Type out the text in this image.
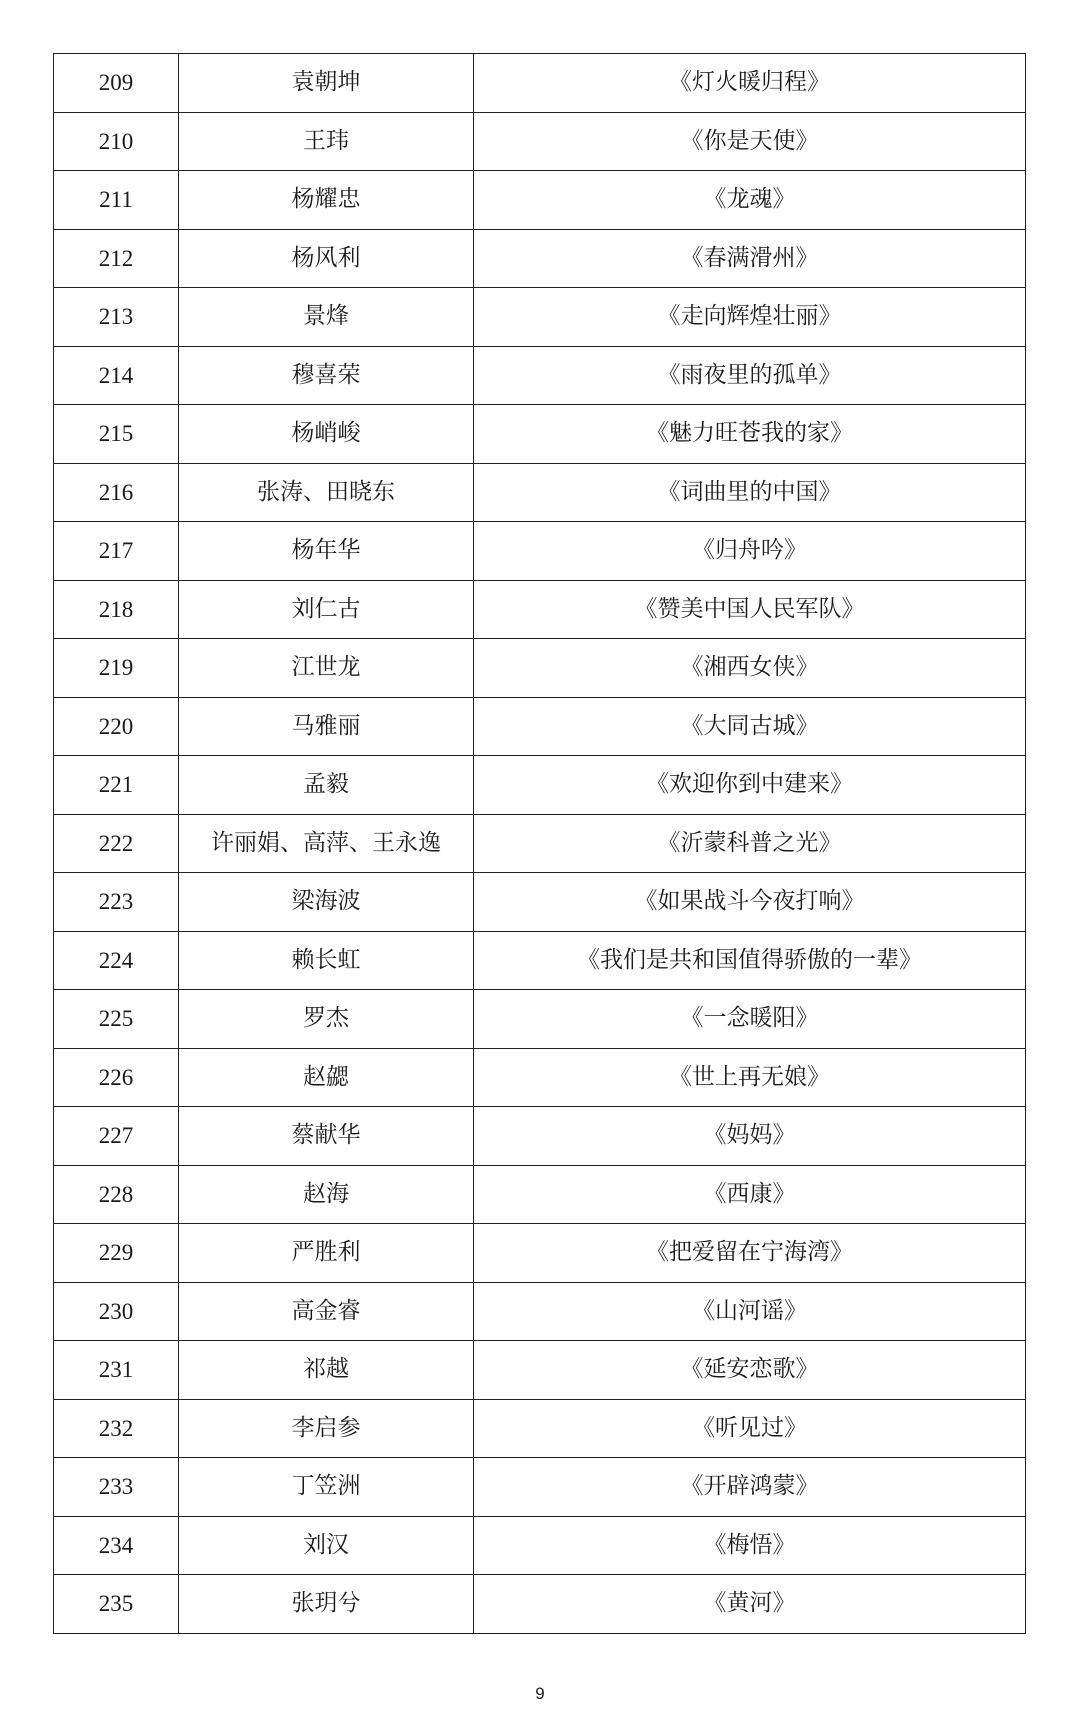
209	袁朝坤	《灯火暖归程》
210	王玮	《你是天使》
211	杨耀忠	《龙魂》
212	杨风利	《春满滑州》
213	景烽	《走向辉煌壮丽》
214	穆喜荣	《雨夜里的孤单》
215	杨峭峻	《魅力旺苍我的家》
216	张涛、田晓东	《词曲里的中国》
217	杨年华	《归舟吟》
218	刘仁古	《赞美中国人民军队》
219	江世龙	《湘西女侠》
220	马雅丽	《大同古城》
221	孟毅	《欢迎你到中建来》
222	许丽娟、高萍、王永逸	《沂蒙科普之光》
223	梁海波	《如果战斗今夜打响》
224	赖长虹	《我们是共和国值得骄傲的一辈》
225	罗杰	《一念暖阳》
226	赵勰	《世上再无娘》
227	蔡献华	《妈妈》
228	赵海	《西康》
229	严胜利	《把爱留在宁海湾》
230	高金睿	《山河谣》
231	祁越	《延安恋歌》
232	李启参	《听见过》
233	丁笠洲	《开辟鸿蒙》
234	刘汉	《梅悟》
235	张玥兮	《黄河》
9
